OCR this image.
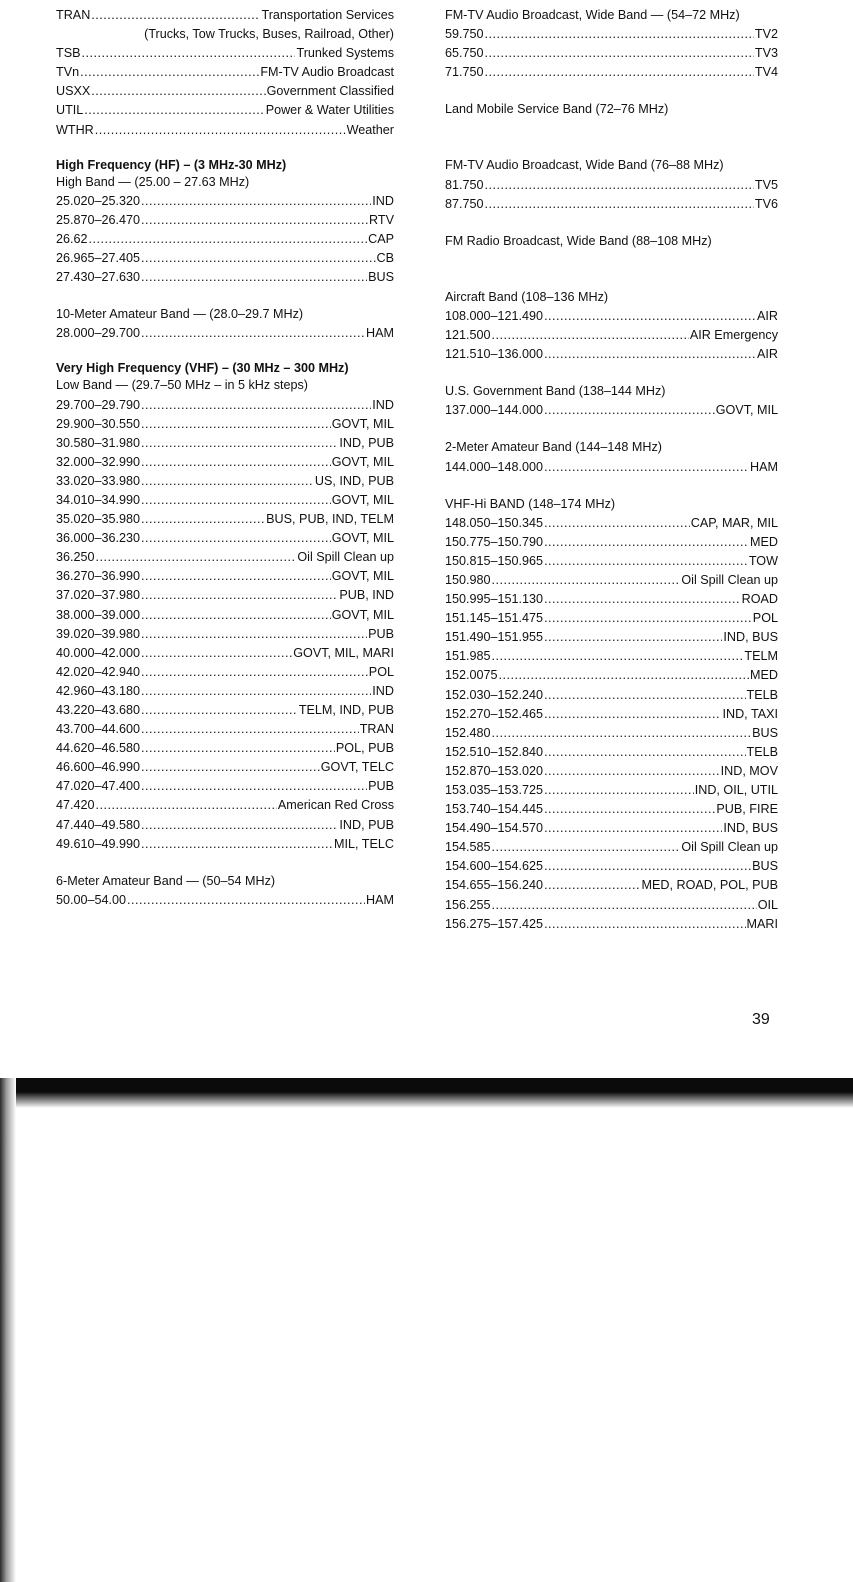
TRAN .....	Transportation Services
(Trucks, Tow Trucks, Buses, Railroad, Other)
TSB .....	Trunked Systems
TVn .....	FM-TV Audio Broadcast
USXX .....	Government Classified
UTIL .....	Power & Water Utilities
WTHR .....	Weather
High Frequency (HF) – (3 MHz-30 MHz)
High Band — (25.00 – 27.63 MHz)
25.020–25.320 .....	IND
25.870–26.470 .....	RTV
26.62 .....	CAP
26.965–27.405 .....	CB
27.430–27.630 .....	BUS
10-Meter Amateur Band — (28.0–29.7 MHz)
28.000–29.700 .....	HAM
Very High Frequency (VHF) – (30 MHz – 300 MHz)
Low Band — (29.7–50 MHz – in 5 kHz steps)
29.700–29.790 .....	IND
29.900–30.550 .....	GOVT, MIL
30.580–31.980 .....	IND, PUB
32.000–32.990 .....	GOVT, MIL
33.020–33.980 .....	US, IND, PUB
34.010–34.990 .....	GOVT, MIL
35.020–35.980 .....	BUS, PUB, IND, TELM
36.000–36.230 .....	GOVT, MIL
36.250 .....	Oil Spill Clean up
36.270–36.990 .....	GOVT, MIL
37.020–37.980 .....	PUB, IND
38.000–39.000 .....	GOVT, MIL
39.020–39.980 .....	PUB
40.000–42.000 .....	GOVT, MIL, MARI
42.020–42.940 .....	POL
42.960–43.180 .....	IND
43.220–43.680 .....	TELM, IND, PUB
43.700–44.600 .....	TRAN
44.620–46.580 .....	POL, PUB
46.600–46.990 .....	GOVT, TELC
47.020–47.400 .....	PUB
47.420 .....	American Red Cross
47.440–49.580 .....	IND, PUB
49.610–49.990 .....	MIL, TELC
6-Meter Amateur Band — (50–54 MHz)
50.00–54.00 .....	HAM
FM-TV Audio Broadcast, Wide Band — (54–72 MHz)
59.750 .....	TV2
65.750 .....	TV3
71.750 .....	TV4
Land Mobile Service Band (72–76 MHz)
FM-TV Audio Broadcast, Wide Band (76–88 MHz)
81.750 .....	TV5
87.750 .....	TV6
FM Radio Broadcast, Wide Band (88–108 MHz)
Aircraft Band (108–136 MHz)
108.000–121.490 .....	AIR
121.500 .....	AIR Emergency
121.510–136.000 .....	AIR
U.S. Government Band (138–144 MHz)
137.000–144.000 .....	GOVT, MIL
2-Meter Amateur Band (144–148 MHz)
144.000–148.000 .....	HAM
VHF-Hi BAND (148–174 MHz)
148.050–150.345 .....	CAP, MAR, MIL
150.775–150.790 .....	MED
150.815–150.965 .....	TOW
150.980 .....	Oil Spill Clean up
150.995–151.130 .....	ROAD
151.145–151.475 .....	POL
151.490–151.955 .....	IND, BUS
151.985 .....	TELM
152.0075 .....	MED
152.030–152.240 .....	TELB
152.270–152.465 .....	IND, TAXI
152.480 .....	BUS
152.510–152.840 .....	TELB
152.870–153.020 .....	IND, MOV
153.035–153.725 .....	IND, OIL, UTIL
153.740–154.445 .....	PUB, FIRE
154.490–154.570 .....	IND, BUS
154.585 .....	Oil Spill Clean up
154.600–154.625 .....	BUS
154.655–156.240 .....	MED, ROAD, POL, PUB
156.255 .....	OIL
156.275–157.425 .....	MARI
39
